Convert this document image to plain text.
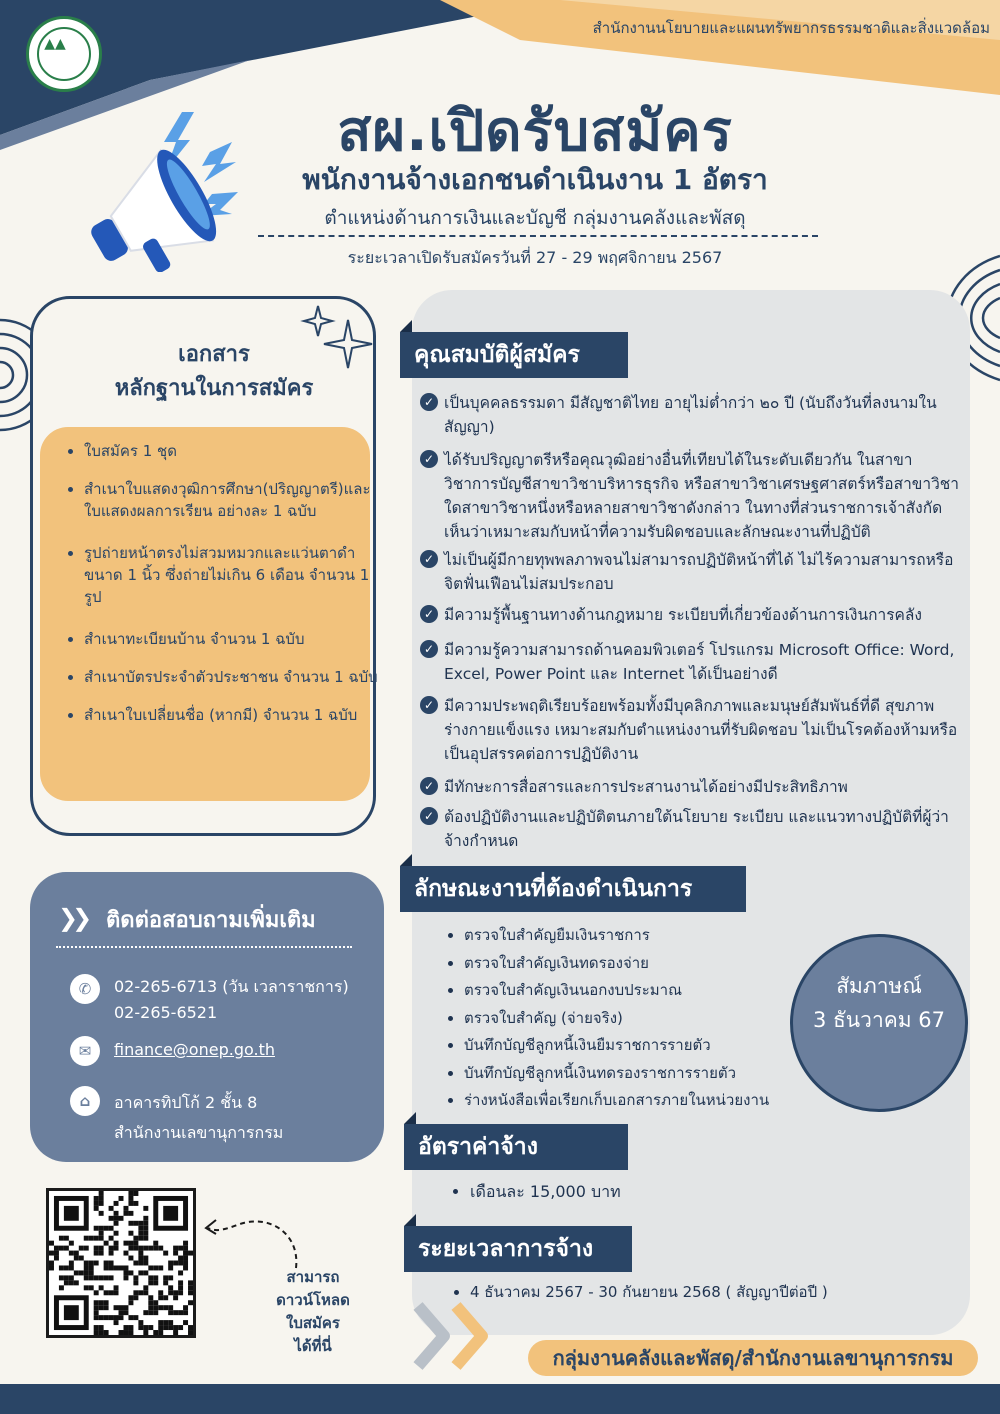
สำนักงานนโยบายและแผนทรัพยากรธรรมชาติและสิ่งแวดล้อม
▲▲
สผ.เปิดรับสมัคร
พนักงานจ้างเอกชนดำเนินงาน 1 อัตรา
ตำแหน่งด้านการเงินและบัญชี กลุ่มงานคลังและพัสดุ
ระยะเวลาเปิดรับสมัครวันที่ 27 - 29 พฤศจิกายน 2567
เอกสาร
หลักฐานในการสมัคร
• ใบสมัคร 1 ชุด
• สำเนาใบแสดงวุฒิการศึกษา(ปริญญาตรี)และใบแสดงผลการเรียน อย่างละ 1 ฉบับ
• รูปถ่ายหน้าตรงไม่สวมหมวกและแว่นตาดำ ขนาด 1 นิ้ว ซึ่งถ่ายไม่เกิน 6 เดือน จำนวน 1 รูป
• สำเนาทะเบียนบ้าน จำนวน 1 ฉบับ
• สำเนาบัตรประจำตัวประชาชน จำนวน 1 ฉบับ
• สำเนาใบเปลี่ยนชื่อ (หากมี) จำนวน 1 ฉบับ
❯❯ ติดต่อสอบถามเพิ่มเติม
✆	02-265-6713 (วัน เวลาราชการ)
02-265-6521
✉	finance@onep.go.th
⌂	อาคารทิปโก้ 2 ชั้น 8
สำนักงานเลขานุการกรม
คุณสมบัติผู้สมัคร
✓ เป็นบุคคลธรรมดา มีสัญชาติไทย อายุไม่ต่ำกว่า ๒๐ ปี (นับถึงวันที่ลงนามในสัญญา)
✓ ได้รับปริญญาตรีหรือคุณวุฒิอย่างอื่นที่เทียบได้ในระดับเดียวกัน ในสาขาวิชาการบัญชีสาขาวิชาบริหารธุรกิจ หรือสาขาวิชาเศรษฐศาสตร์หรือสาขาวิชาใดสาขาวิชาหนึ่งหรือหลายสาขาวิชาดังกล่าว ในทางที่ส่วนราชการเจ้าสังกัดเห็นว่าเหมาะสมกับหน้าที่ความรับผิดชอบและลักษณะงานที่ปฏิบัติ
✓ ไม่เป็นผู้มีกายทุพพลภาพจนไม่สามารถปฏิบัติหน้าที่ได้ ไม่ไร้ความสามารถหรือจิตฟั่นเฟือนไม่สมประกอบ
✓ มีความรู้พื้นฐานทางด้านกฎหมาย ระเบียบที่เกี่ยวข้องด้านการเงินการคลัง
✓ มีความรู้ความสามารถด้านคอมพิวเตอร์ โปรแกรม Microsoft Office: Word, Excel, Power Point และ Internet ได้เป็นอย่างดี
✓ มีความประพฤติเรียบร้อยพร้อมทั้งมีบุคลิกภาพและมนุษย์สัมพันธ์ที่ดี สุขภาพร่างกายแข็งแรง เหมาะสมกับตำแหน่งงานที่รับผิดชอบ ไม่เป็นโรคต้องห้ามหรือเป็นอุปสรรคต่อการปฏิบัติงาน
✓ มีทักษะการสื่อสารและการประสานงานได้อย่างมีประสิทธิภาพ
✓ ต้องปฏิบัติงานและปฏิบัติตนภายใต้นโยบาย ระเบียบ และแนวทางปฏิบัติที่ผู้ว่าจ้างกำหนด
ลักษณะงานที่ต้องดำเนินการ
• ตรวจใบสำคัญยืมเงินราชการ
• ตรวจใบสำคัญเงินทดรองจ่าย
• ตรวจใบสำคัญเงินนอกงบประมาณ
• ตรวจใบสำคัญ (จ่ายจริง)
• บันทึกบัญชีลูกหนี้เงินยืมราชการรายตัว
• บันทึกบัญชีลูกหนี้เงินทดรองราชการรายตัว
• ร่างหนังสือเพื่อเรียกเก็บเอกสารภายในหน่วยงาน
สัมภาษณ์
3 ธันวาคม 67
อัตราค่าจ้าง
• เดือนละ 15,000 บาท
ระยะเวลาการจ้าง
• 4 ธันวาคม 2567 - 30 กันยายน 2568 ( สัญญาปีต่อปี )
สามารถ
ดาวน์โหลด
ใบสมัคร
ได้ที่นี่	กลุ่มงานคลังและพัสดุ/สำนักงานเลขานุการกรม
